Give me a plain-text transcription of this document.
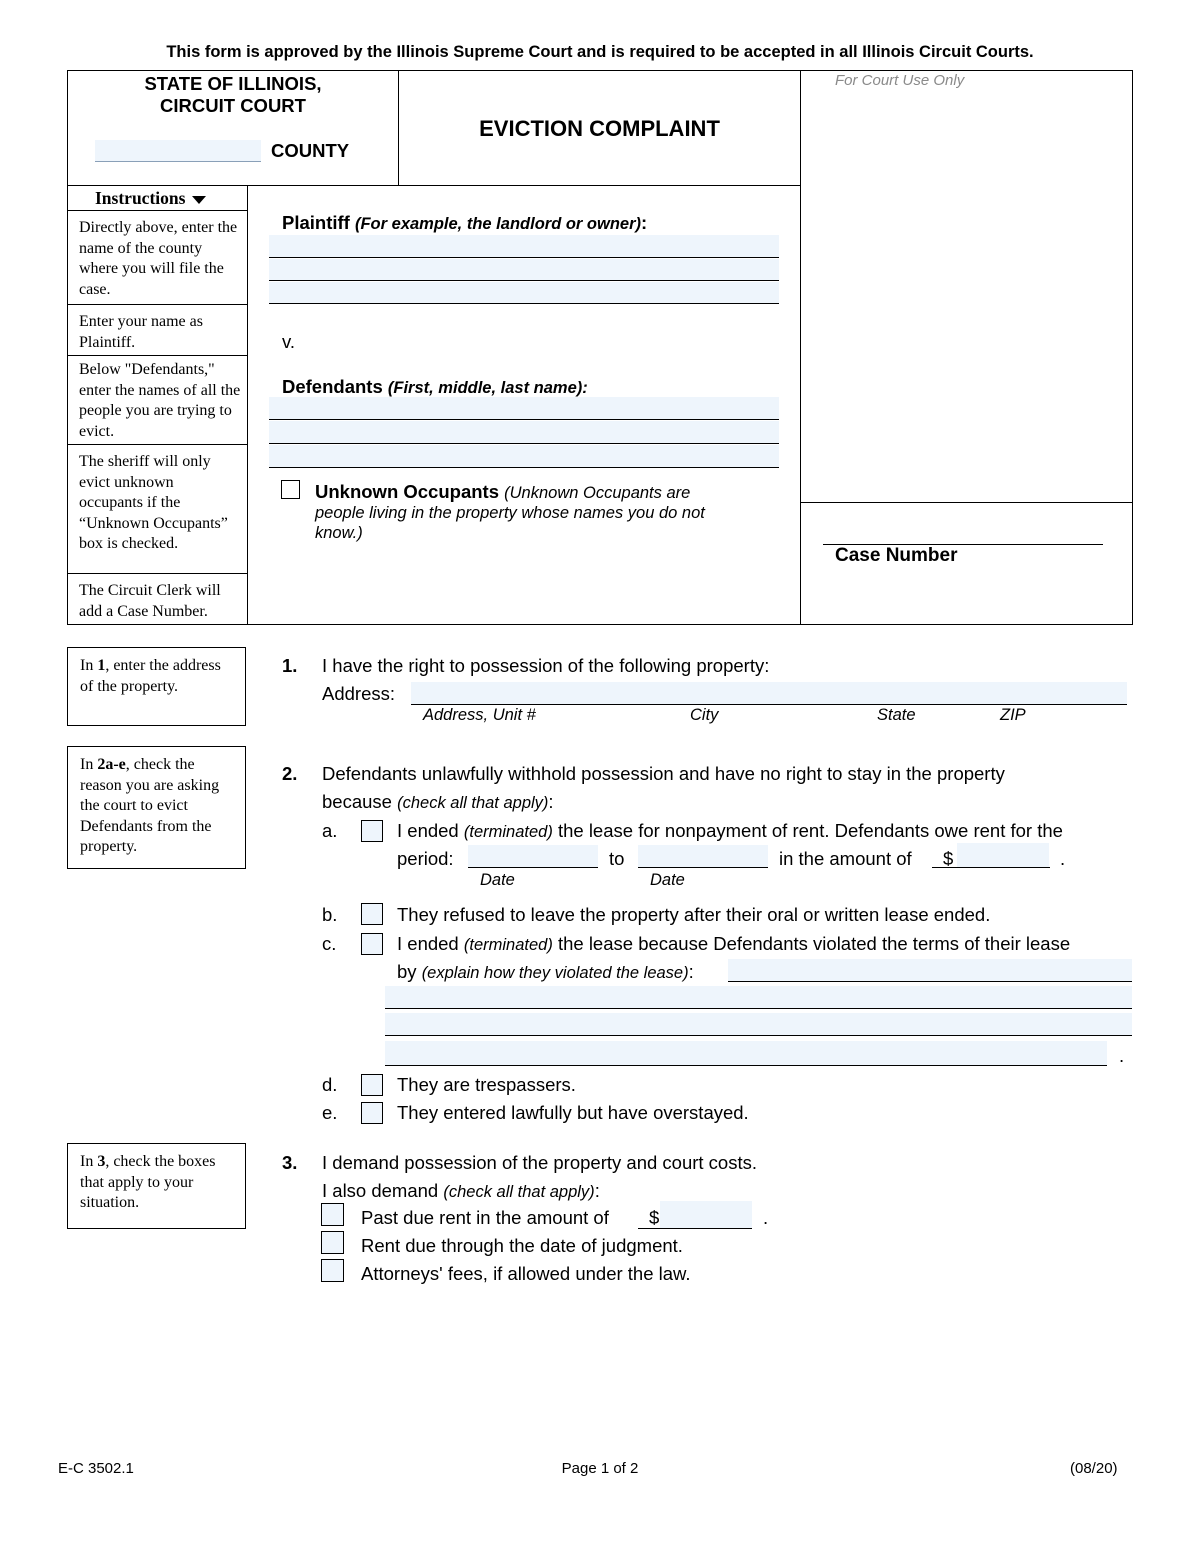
This form is approved by the Illinois Supreme Court and is required to be accepted in all Illinois Circuit Courts.
STATE OF ILLINOIS,
CIRCUIT COURT
COUNTY
EVICTION COMPLAINT
For Court Use Only
Case Number
Instructions
Directly above, enter the name of the county where you will file the case.
Enter your name as Plaintiff.
Below "Defendants," enter the names of all the people you are trying to evict.
The sheriff will only evict unknown occupants if the “Unknown Occupants” box is checked.
The Circuit Clerk will add a Case Number.
Plaintiff (For example, the landlord or owner):
v.
Defendants (First, middle, last name):
Unknown Occupants (Unknown Occupants are
people living in the property whose names you do not
know.)
In 1, enter the address of the property.
In 2a-e, check the reason you are asking the court to evict Defendants from the property.
In 3, check the boxes that apply to your situation.
1. I have the right to possession of the following property:
Address:
Address, Unit #	City	State	ZIP
2. Defendants unlawfully withhold possession and have no right to stay in the property
because (check all that apply):
a.	I ended (terminated) the lease for nonpayment of rent. Defendants owe rent for the
period:	to	in the amount of $	.
Date	Date
b.	They refused to leave the property after their oral or written lease ended.
c.	I ended (terminated) the lease because Defendants violated the terms of their lease
by (explain how they violated the lease):
.
d.	They are trespassers.
e.	They entered lawfully but have overstayed.
3. I demand possession of the property and court costs.
I also demand (check all that apply):
Past due rent in the amount of $	.
Rent due through the date of judgment.
Attorneys' fees, if allowed under the law.
E-C 3502.1	Page 1 of 2	(08/20)
